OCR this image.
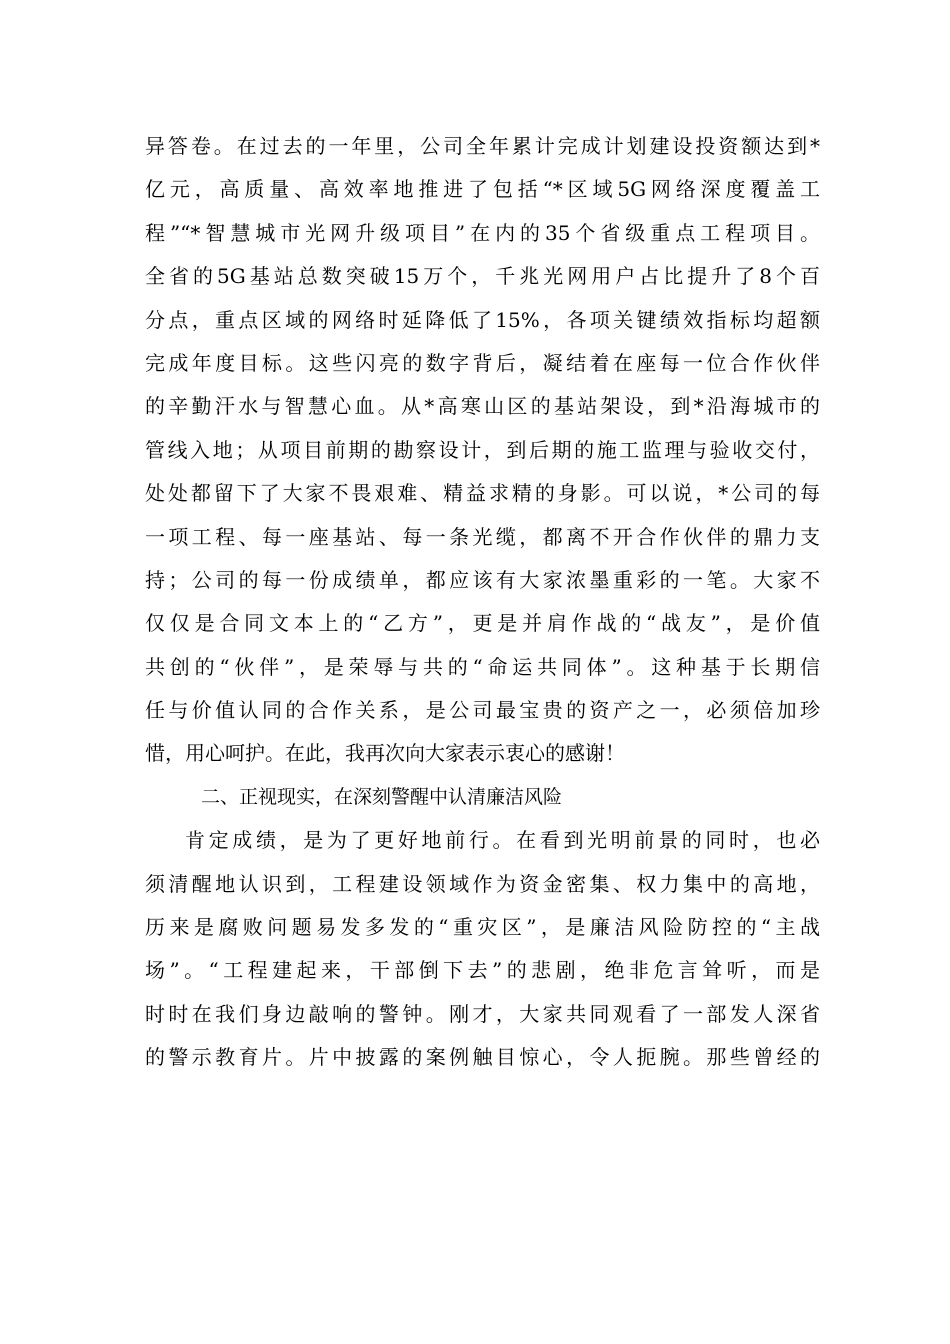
异答卷。在过去的一年里，公司全年累计完成计划建设投资额达到*
亿元，高质量、高效率地推进了包括“*区域5G网络深度覆盖工
程”“*智慧城市光网升级项目”在内的35个省级重点工程项目。
全省的5G基站总数突破15万个，千兆光网用户占比提升了8个百
分点，重点区域的网络时延降低了15%，各项关键绩效指标均超额
完成年度目标。这些闪亮的数字背后，凝结着在座每一位合作伙伴
的辛勤汗水与智慧心血。从*高寒山区的基站架设，到*沿海城市的
管线入地；从项目前期的勘察设计，到后期的施工监理与验收交付，
处处都留下了大家不畏艰难、精益求精的身影。可以说，*公司的每
一项工程、每一座基站、每一条光缆，都离不开合作伙伴的鼎力支
持；公司的每一份成绩单，都应该有大家浓墨重彩的一笔。大家不
仅仅是合同文本上的“乙方”，更是并肩作战的“战友”，是价值
共创的“伙伴”，是荣辱与共的“命运共同体”。这种基于长期信
任与价值认同的合作关系，是公司最宝贵的资产之一，必须倍加珍
惜，用心呵护。在此，我再次向大家表示衷心的感谢！
二、正视现实，在深刻警醒中认清廉洁风险
肯定成绩，是为了更好地前行。在看到光明前景的同时，也必
须清醒地认识到，工程建设领域作为资金密集、权力集中的高地，
历来是腐败问题易发多发的“重灾区”，是廉洁风险防控的“主战
场”。“工程建起来，干部倒下去”的悲剧，绝非危言耸听，而是
时时在我们身边敲响的警钟。刚才，大家共同观看了一部发人深省
的警示教育片。片中披露的案例触目惊心，令人扼腕。那些曾经的
